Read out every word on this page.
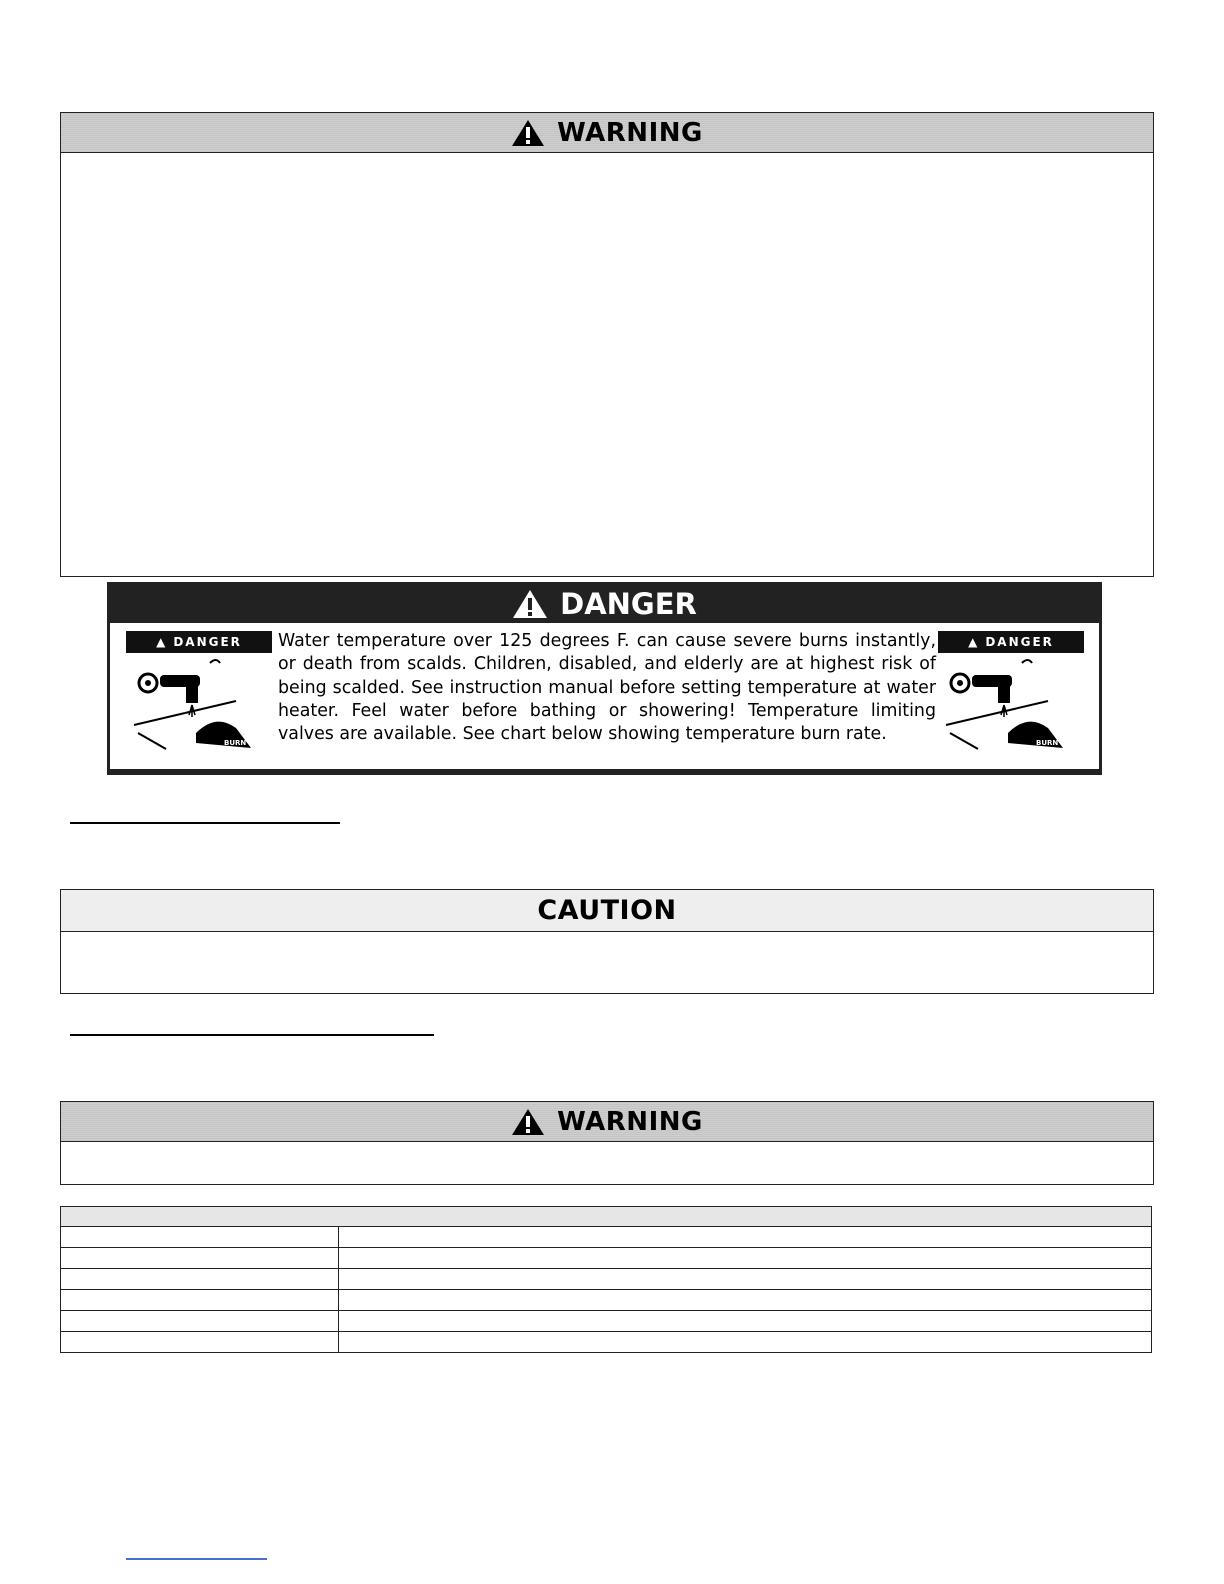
WARNING
DANGER
▲ DANGER
BURN
Water temperature over 125 degrees F. can cause severe burns instantly, or death from scalds. Children, disabled, and elderly are at highest risk of being scalded. See instruction manual before setting temperature at water heater. Feel water before bathing or showering! Temperature limiting valves are available. See chart below showing temperature burn rate.
▲ DANGER
BURN
CAUTION
WARNING
